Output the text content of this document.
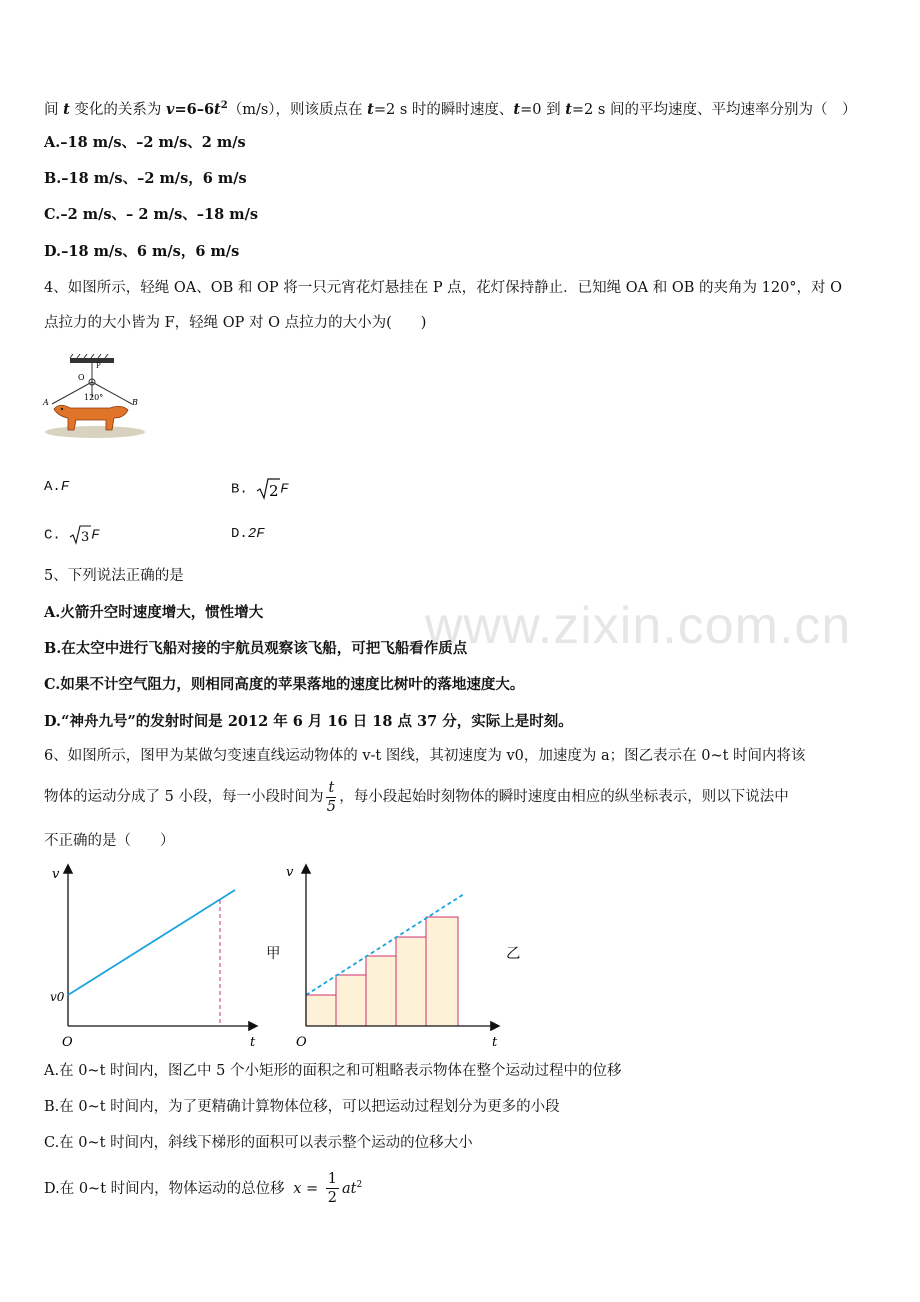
www.zixin.com.cn
间 t 变化的关系为 $v=6-6t^2(m/s)$，则该质点在 t=2 s 时的瞬时速度、t=0 到 t=2 s 间的平均速度、平均速率分别为（　）
A.–18 m/s、–2 m/s、2 m/s
B.–18 m/s、–2 m/s，6 m/s
C.–2 m/s、– 2 m/s、–18 m/s
D.–18 m/s、6 m/s，6 m/s
4、如图所示，轻绳 OA、OB 和 OP 将一只元宵花灯悬挂在 P 点，花灯保持静止．已知绳 OA 和 OB 的夹角为 120°，对 O
点拉力的大小皆为 F，轻绳 OP 对 O 点拉力的大小为(　　)
O
A	B
P
120°
A.F	B. 2 F
C. 3 F	D.2F
5、下列说法正确的是
A.火箭升空时速度增大，惯性增大
B.在太空中进行飞船对接的宇航员观察该飞船，可把飞船看作质点
C.如果不计空气阻力，则相同高度的苹果落地的速度比树叶的落地速度大。
D.“神舟九号”的发射时间是 2012 年 6 月 16 日 18 点 37 分，实际上是时刻。
6、如图所示，图甲为某做匀变速直线运动物体的 v-t 图线，其初速度为 v0，加速度为 a；图乙表示在 0~t 时间内将该
物体的运动分成了 5 小段，每一小段时间为 $\frac{t}{5}$ ，每小段起始时刻物体的瞬时速度由相应的纵坐标表示，则以下说法中
不正确的是（　　）
v
t
O
v0
甲
v
t
O
乙
A.在 0~t 时间内，图乙中 5 个小矩形的面积之和可粗略表示物体在整个运动过程中的位移
B.在 0~t 时间内，为了更精确计算物体位移，可以把运动过程划分为更多的小段
C.在 0~t 时间内，斜线下梯形的面积可以表示整个运动的位移大小
D.在 0~t 时间内，物体运动的总位移 $x = \frac{1}{2} at^2$
